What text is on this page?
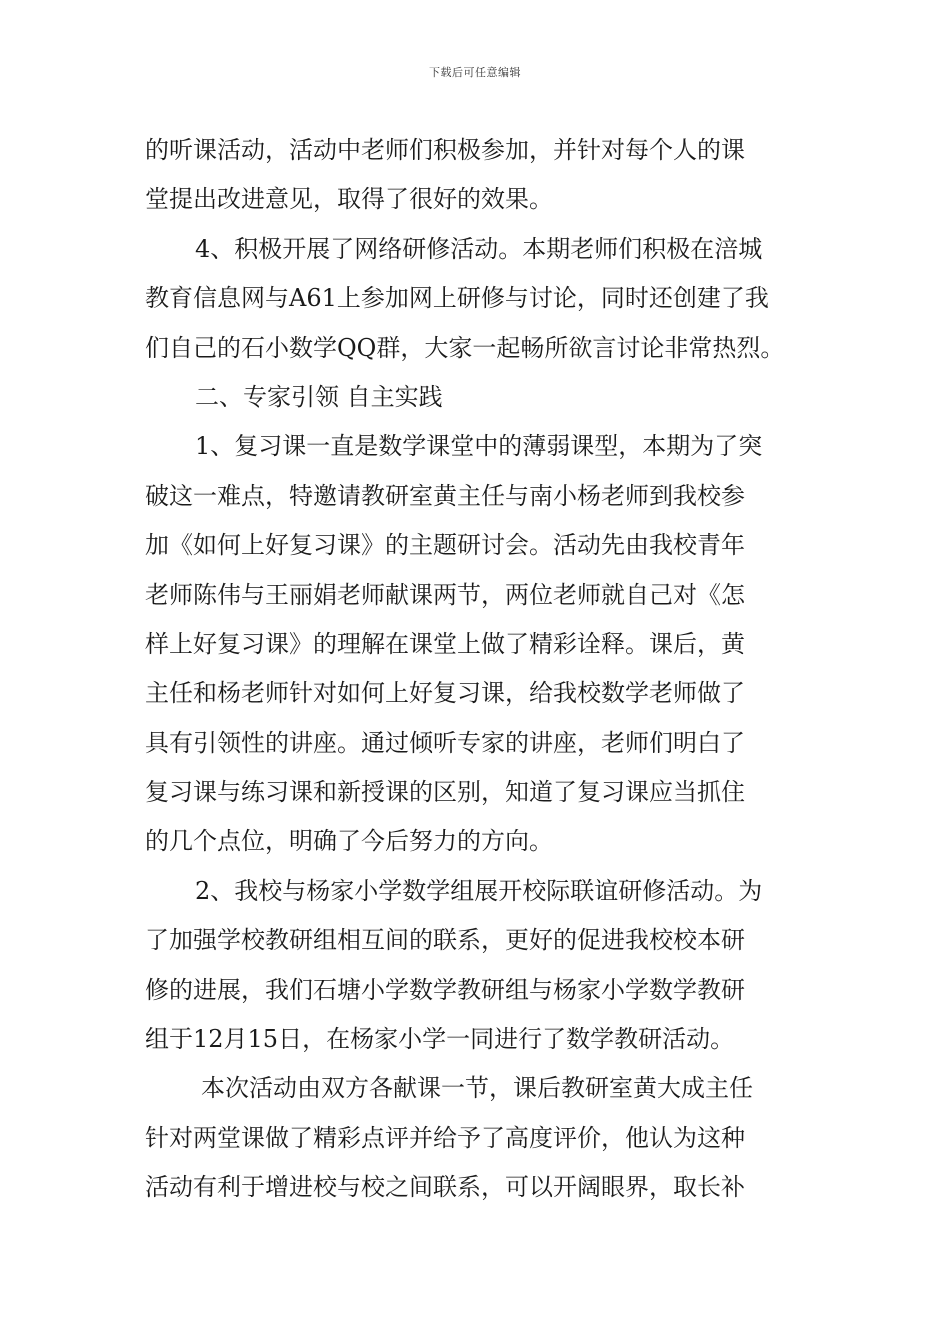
下载后可任意编辑
的听课活动，活动中老师们积极参加，并针对每个人的课
堂提出改进意见，取得了很好的效果。
4、积极开展了网络研修活动。本期老师们积极在涪城
教育信息网与A61上参加网上研修与讨论，同时还创建了我
们自己的石小数学QQ群，大家一起畅所欲言讨论非常热烈。
二、专家引领 自主实践
1、复习课一直是数学课堂中的薄弱课型，本期为了突
破这一难点，特邀请教研室黄主任与南小杨老师到我校参
加《如何上好复习课》的主题研讨会。活动先由我校青年
老师陈伟与王丽娟老师献课两节，两位老师就自己对《怎
样上好复习课》的理解在课堂上做了精彩诠释。课后，黄
主任和杨老师针对如何上好复习课，给我校数学老师做了
具有引领性的讲座。通过倾听专家的讲座，老师们明白了
复习课与练习课和新授课的区别，知道了复习课应当抓住
的几个点位，明确了今后努力的方向。
2、我校与杨家小学数学组展开校际联谊研修活动。为
了加强学校教研组相互间的联系，更好的促进我校校本研
修的进展，我们石塘小学数学教研组与杨家小学数学教研
组于12月15日，在杨家小学一同进行了数学教研活动。
本次活动由双方各献课一节，课后教研室黄大成主任
针对两堂课做了精彩点评并给予了高度评价，他认为这种
活动有利于增进校与校之间联系，可以开阔眼界，取长补
